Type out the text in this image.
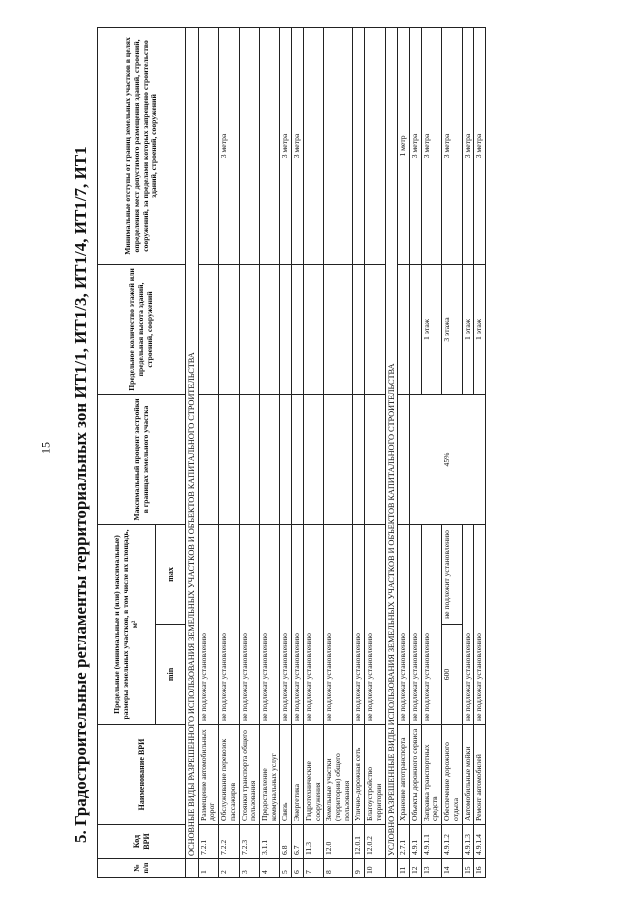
15	5. Градостроительные регламенты территориальных зон ИТ1/1, ИТ1/3, ИТ1/4, ИТ1/7, ИТ1
№ п/п	Код ВРИ	Наименование ВРИ	Предельные (минимальные и (или) максимальные) размеры земельных участков, в том числе их площадь, м²		Максимальный процент застройки в границах земельного участка	Предельное количество этажей или предельная высота зданий, строений, сооружений	Минимальные отступы от границ земельных участков в целях определения мест допустимого размещения зданий, строений, сооружений, за пределами которых запрещено строительство зданий, строений, сооружений
			min	max			
	ОСНОВНЫЕ ВИДЫ РАЗРЕШЕННОГО ИСПОЛЬЗОВАНИЯ ЗЕМЕЛЬНЫХ УЧАСТКОВ И ОБЪЕКТОВ КАПИТАЛЬНОГО СТРОИТЕЛЬСТВА						
1	7.2.1	Размещение автомобильных дорог	не подлежат установлению				
2	7.2.2	Обслуживание перевозок пассажиров	не подлежат установлению				3 метра
3	7.2.3	Стоянки транспорта общего пользования	не подлежат установлению				
4	3.1.1	Предоставление коммунальных услуг	не подлежат установлению				
5	6.8	Связь	не подлежат установлению				3 метра
6	6.7	Энергетика	не подлежат установлению				3 метра
7	11.3	Гидротехнические сооружения	не подлежат установлению				
8	12.0	Земельные участки (территории) общего пользования	не подлежат установлению				
9	12.0.1	Улично-дорожная сеть	не подлежат установлению				
10	12.0.2	Благоустройство территории	не подлежат установлению				
	УСЛОВНО РАЗРЕШЕННЫЕ ВИДЫ ИСПОЛЬЗОВАНИЯ ЗЕМЕЛЬНЫХ УЧАСТКОВ И ОБЪЕКТОВ КАПИТАЛЬНОГО СТРОИТЕЛЬСТВА						
11	2.7.1	Хранение автотранспорта	не подлежат установлению				1 метр
12	4.9.1	Объекты дорожного сервиса	не подлежат установлению		45%		3 метра
13	4.9.1.1	Заправка транспортных средств	не подлежат установлению			1 этаж	3 метра
14	4.9.1.2	Обеспечение дорожного отдыха	600	не подлежит установлению		3 этажа	3 метра
15	4.9.1.3	Автомобильные мойки	не подлежат установлению			1 этаж	3 метра
16	4.9.1.4	Ремонт автомобилей	не подлежат установлению			1 этаж	3 метра
